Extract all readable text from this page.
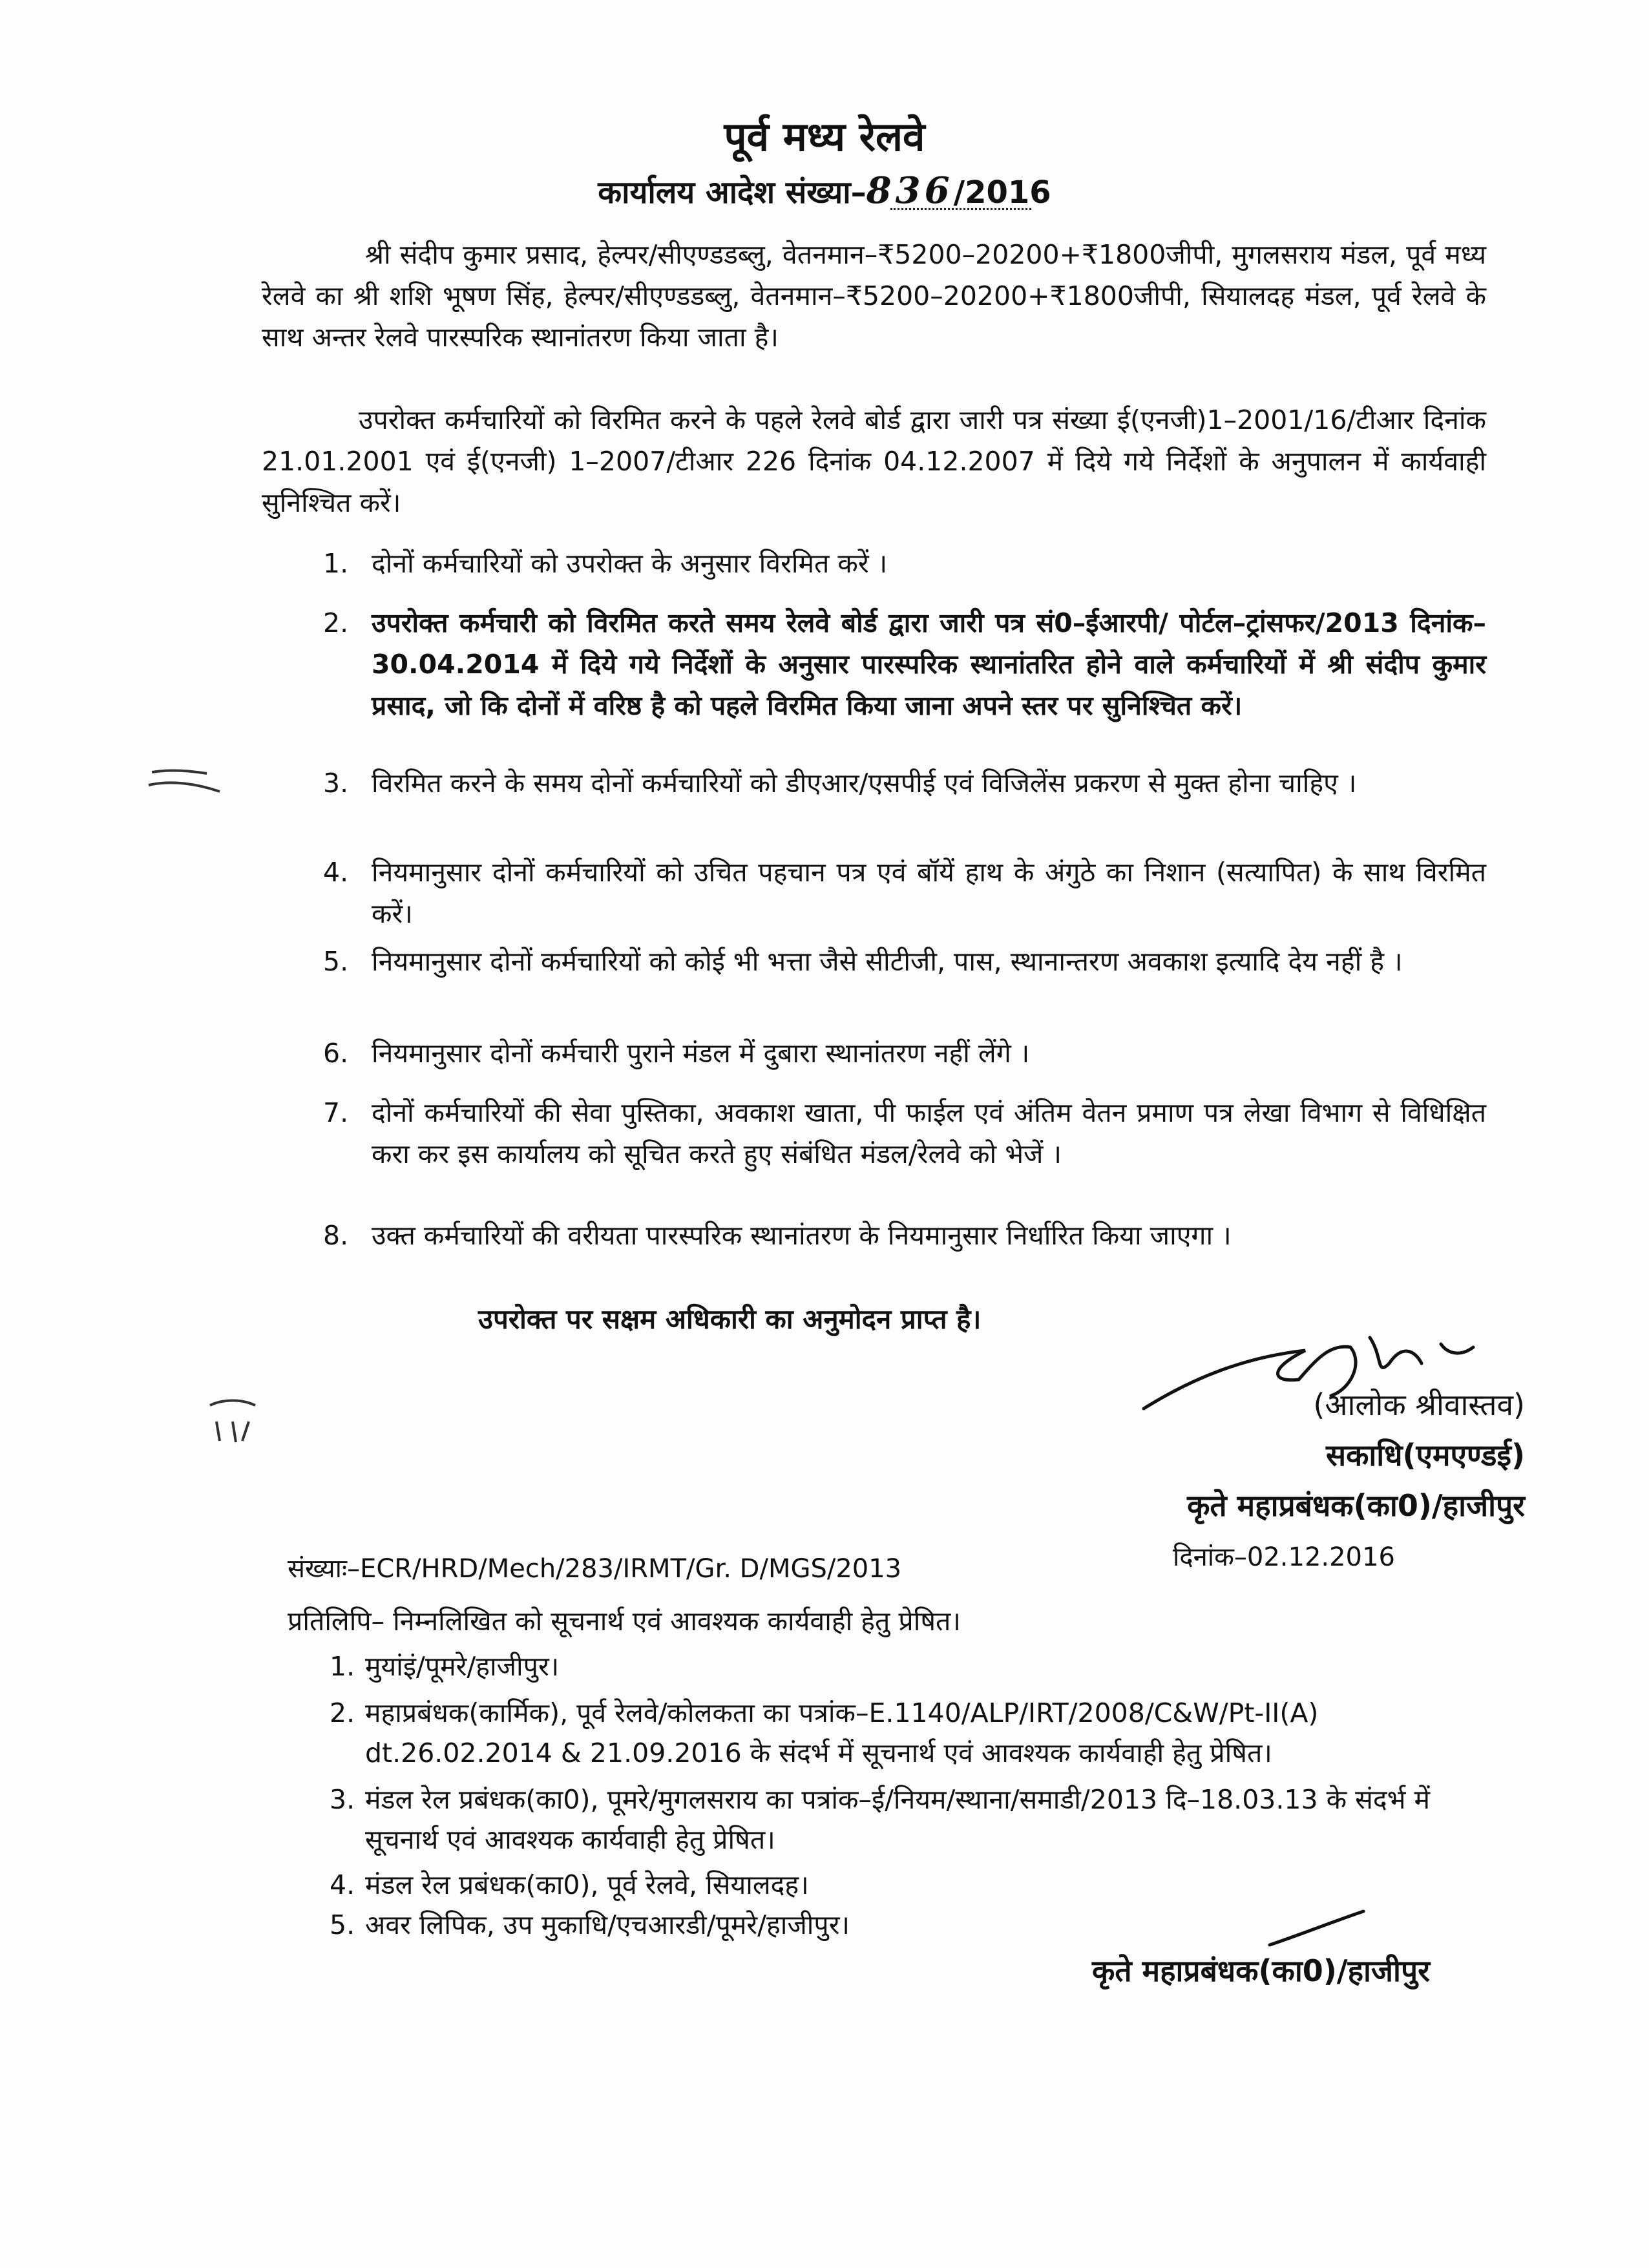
पूर्व मध्य रेलवे
कार्यालय आदेश संख्या–836/2016
श्री संदीप कुमार प्रसाद, हेल्पर/सीएण्डडब्लु, वेतनमान–₹5200–20200+₹1800जीपी, मुगलसराय मंडल, पूर्व मध्य रेलवे का श्री शशि भूषण सिंह, हेल्पर/सीएण्डडब्लु, वेतनमान–₹5200–20200+₹1800जीपी, सियालदह मंडल, पूर्व रेलवे के साथ अन्तर रेलवे पारस्परिक स्थानांतरण किया जाता है।
उपरोक्त कर्मचारियों को विरमित करने के पहले रेलवे बोर्ड द्वारा जारी पत्र संख्या ई(एनजी)1–2001/16/टीआर दिनांक 21.01.2001 एवं ई(एनजी) 1–2007/टीआर 226 दिनांक 04.12.2007 में दिये गये निर्देशों के अनुपालन में कार्यवाही सुनिश्चित करें।
1. दोनों कर्मचारियों को उपरोक्त के अनुसार विरमित करें ।
2. उपरोक्त कर्मचारी को विरमित करते समय रेलवे बोर्ड द्वारा जारी पत्र सं0–ईआरपी/ पोर्टल–ट्रांसफर/2013 दिनांक–30.04.2014 में दिये गये निर्देशों के अनुसार पारस्परिक स्थानांतरित होने वाले कर्मचारियों में श्री संदीप कुमार प्रसाद, जो कि दोनों में वरिष्ठ है को पहले विरमित किया जाना अपने स्तर पर सुनिश्चित करें।
3. विरमित करने के समय दोनों कर्मचारियों को डीएआर/एसपीई एवं विजिलेंस प्रकरण से मुक्त होना चाहिए ।
4. नियमानुसार दोनों कर्मचारियों को उचित पहचान पत्र एवं बॉयें हाथ के अंगुठे का निशान (सत्यापित) के साथ विरमित करें।
5. नियमानुसार दोनों कर्मचारियों को कोई भी भत्ता जैसे सीटीजी, पास, स्थानान्तरण अवकाश इत्यादि देय नहीं है ।
6. नियमानुसार दोनों कर्मचारी पुराने मंडल में दुबारा स्थानांतरण नहीं लेंगे ।
7. दोनों कर्मचारियों की सेवा पुस्तिका, अवकाश खाता, पी फाईल एवं अंतिम वेतन प्रमाण पत्र लेखा विभाग से विधिक्षित करा कर इस कार्यालय को सूचित करते हुए संबंधित मंडल/रेलवे को भेजें ।
8. उक्त कर्मचारियों की वरीयता पारस्परिक स्थानांतरण के नियमानुसार निर्धारित किया जाएगा ।
उपरोक्त पर सक्षम अधिकारी का अनुमोदन प्राप्त है।
(आलोक श्रीवास्तव)
सकाधि(एमएण्डई)
कृते महाप्रबंधक(का0)/हाजीपुर
संख्याः–ECR/HRD/Mech/283/IRMT/Gr. D/MGS/2013	दिनांक–02.12.2016
प्रतिलिपि– निम्नलिखित को सूचनार्थ एवं आवश्यक कार्यवाही हेतु प्रेषित।
1. मुयांइं/पूमरे/हाजीपुर।
2. महाप्रबंधक(कार्मिक), पूर्व रेलवे/कोलकता का पत्रांक–E.1140/ALP/IRT/2008/C&W/Pt-II(A) dt.26.02.2014 & 21.09.2016 के संदर्भ में सूचनार्थ एवं आवश्यक कार्यवाही हेतु प्रेषित।
3. मंडल रेल प्रबंधक(का0), पूमरे/मुगलसराय का पत्रांक–ई/नियम/स्थाना/समाडी/2013 दि–18.03.13 के संदर्भ में सूचनार्थ एवं आवश्यक कार्यवाही हेतु प्रेषित।
4. मंडल रेल प्रबंधक(का0), पूर्व रेलवे, सियालदह।
5. अवर लिपिक, उप मुकाधि/एचआरडी/पूमरे/हाजीपुर।
कृते महाप्रबंधक(का0)/हाजीपुर
